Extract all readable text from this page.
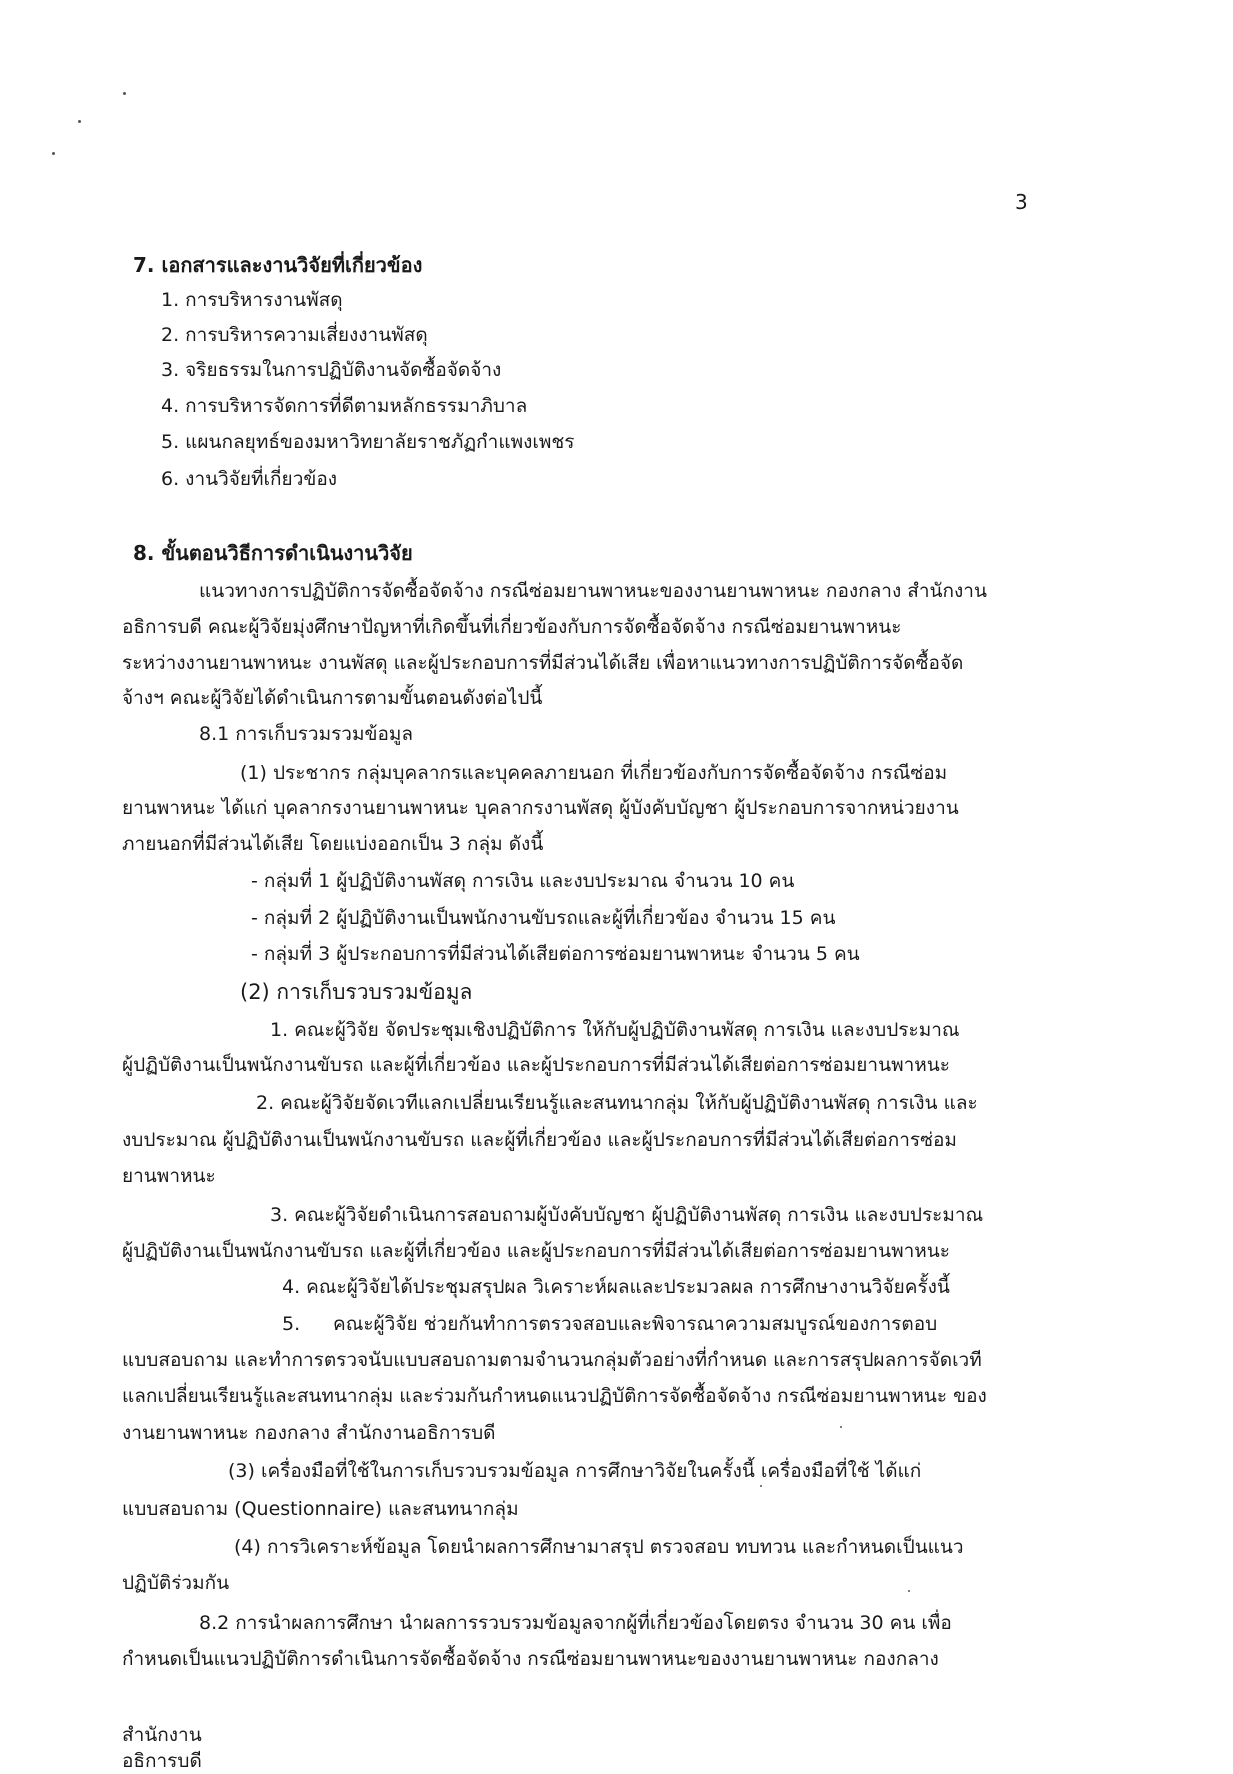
3
7. เอกสารและงานวิจัยที่เกี่ยวข้อง
1. การบริหารงานพัสดุ
2. การบริหารความเสี่ยงงานพัสดุ
3. จริยธรรมในการปฏิบัติงานจัดซื้อจัดจ้าง
4. การบริหารจัดการที่ดีตามหลักธรรมาภิบาล
5. แผนกลยุทธ์ของมหาวิทยาลัยราชภัฏกำแพงเพชร
6. งานวิจัยที่เกี่ยวข้อง
8. ขั้นตอนวิธีการดำเนินงานวิจัย
แนวทางการปฏิบัติการจัดซื้อจัดจ้าง กรณีซ่อมยานพาหนะของงานยานพาหนะ กองกลาง สำนักงาน
อธิการบดี คณะผู้วิจัยมุ่งศึกษาปัญหาที่เกิดขึ้นที่เกี่ยวข้องกับการจัดซื้อจัดจ้าง กรณีซ่อมยานพาหนะ
ระหว่างงานยานพาหนะ งานพัสดุ และผู้ประกอบการที่มีส่วนได้เสีย เพื่อหาแนวทางการปฏิบัติการจัดซื้อจัด
จ้างฯ คณะผู้วิจัยได้ดำเนินการตามขั้นตอนดังต่อไปนี้
8.1 การเก็บรวมรวมข้อมูล
(1) ประชากร กลุ่มบุคลากรและบุคคลภายนอก ที่เกี่ยวข้องกับการจัดซื้อจัดจ้าง กรณีซ่อม
ยานพาหนะ ได้แก่ บุคลากรงานยานพาหนะ บุคลากรงานพัสดุ ผู้บังคับบัญชา ผู้ประกอบการจากหน่วยงาน
ภายนอกที่มีส่วนได้เสีย โดยแบ่งออกเป็น 3 กลุ่ม ดังนี้
- กลุ่มที่ 1 ผู้ปฏิบัติงานพัสดุ การเงิน และงบประมาณ จำนวน 10 คน
- กลุ่มที่ 2 ผู้ปฏิบัติงานเป็นพนักงานขับรถและผู้ที่เกี่ยวข้อง จำนวน 15 คน
- กลุ่มที่ 3 ผู้ประกอบการที่มีส่วนได้เสียต่อการซ่อมยานพาหนะ จำนวน 5 คน
(2) การเก็บรวบรวมข้อมูล
1. คณะผู้วิจัย จัดประชุมเชิงปฏิบัติการ ให้กับผู้ปฏิบัติงานพัสดุ การเงิน และงบประมาณ
ผู้ปฏิบัติงานเป็นพนักงานขับรถ และผู้ที่เกี่ยวข้อง และผู้ประกอบการที่มีส่วนได้เสียต่อการซ่อมยานพาหนะ
2. คณะผู้วิจัยจัดเวทีแลกเปลี่ยนเรียนรู้และสนทนากลุ่ม ให้กับผู้ปฏิบัติงานพัสดุ การเงิน และ
งบประมาณ ผู้ปฏิบัติงานเป็นพนักงานขับรถ และผู้ที่เกี่ยวข้อง และผู้ประกอบการที่มีส่วนได้เสียต่อการซ่อม
ยานพาหนะ
3. คณะผู้วิจัยดำเนินการสอบถามผู้บังคับบัญชา ผู้ปฏิบัติงานพัสดุ การเงิน และงบประมาณ
ผู้ปฏิบัติงานเป็นพนักงานขับรถ และผู้ที่เกี่ยวข้อง และผู้ประกอบการที่มีส่วนได้เสียต่อการซ่อมยานพาหนะ
4. คณะผู้วิจัยได้ประชุมสรุปผล วิเคราะห์ผลและประมวลผล การศึกษางานวิจัยครั้งนี้
5. คณะผู้วิจัย ช่วยกันทำการตรวจสอบและพิจารณาความสมบูรณ์ของการตอบ
แบบสอบถาม และทำการตรวจนับแบบสอบถามตามจำนวนกลุ่มตัวอย่างที่กำหนด และการสรุปผลการจัดเวที
แลกเปลี่ยนเรียนรู้และสนทนากลุ่ม และร่วมกันกำหนดแนวปฏิบัติการจัดซื้อจัดจ้าง กรณีซ่อมยานพาหนะ ของ
งานยานพาหนะ กองกลาง สำนักงานอธิการบดี
(3) เครื่องมือที่ใช้ในการเก็บรวบรวมข้อมูล การศึกษาวิจัยในครั้งนี้ เครื่องมือที่ใช้ ได้แก่
แบบสอบถาม (Questionnaire) และสนทนากลุ่ม
(4) การวิเคราะห์ข้อมูล โดยนำผลการศึกษามาสรุป ตรวจสอบ ทบทวน และกำหนดเป็นแนว
ปฏิบัติร่วมกัน
8.2 การนำผลการศึกษา นำผลการรวบรวมข้อมูลจากผู้ที่เกี่ยวข้องโดยตรง จำนวน 30 คน เพื่อ
กำหนดเป็นแนวปฏิบัติการดำเนินการจัดซื้อจัดจ้าง กรณีซ่อมยานพาหนะของงานยานพาหนะ กองกลาง
สำนักงานอธิการบดี
